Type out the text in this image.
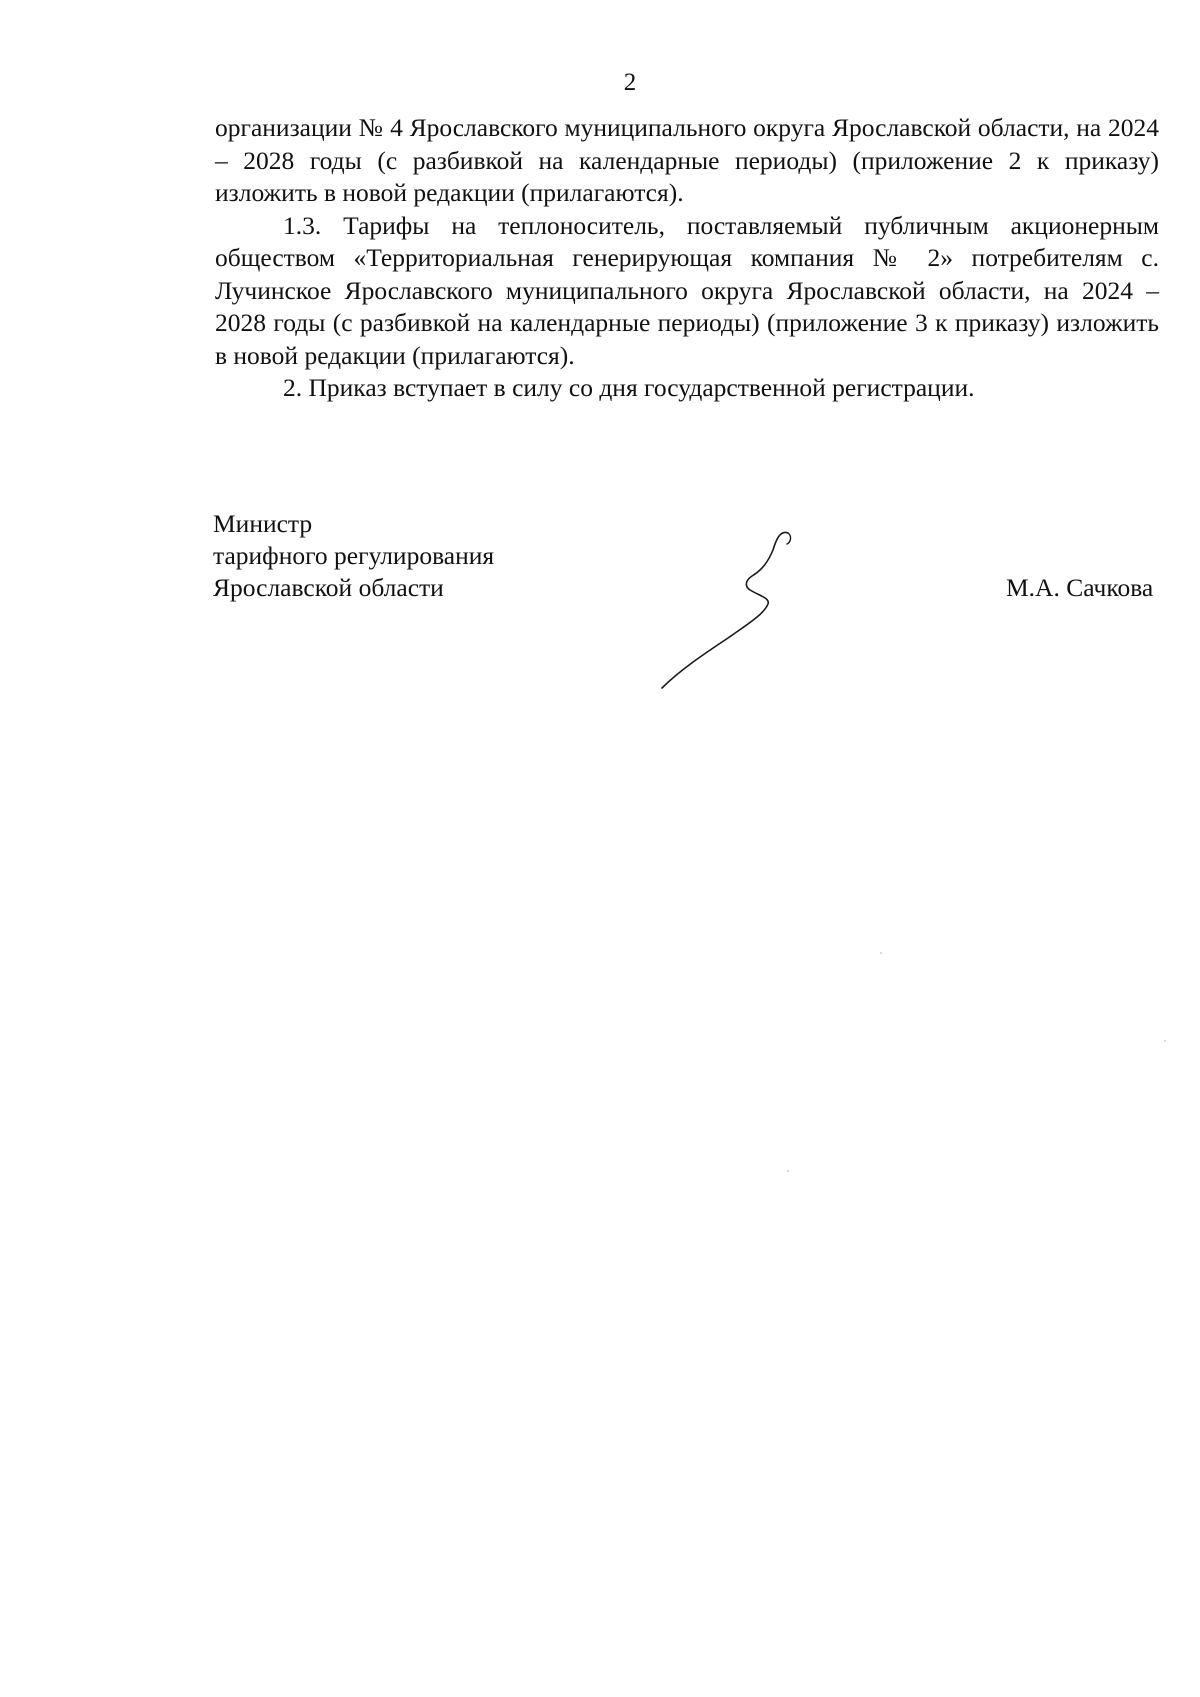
2

организации № 4 Ярославского муниципального округа Ярославской области, на 2024 – 2028 годы (с разбивкой на календарные периоды) (приложение 2 к приказу) изложить в новой редакции (прилагаются).

1.3. Тарифы на теплоноситель, поставляемый публичным акционерным обществом «Территориальная генерирующая компания № 2» потребителям с. Лучинское Ярославского муниципального округа Ярославской области, на 2024 – 2028 годы (с разбивкой на календарные периоды) (приложение 3 к приказу) изложить в новой редакции (прилагаются).

2. Приказ вступает в силу со дня государственной регистрации.

Министр
тарифного регулирования
Ярославской области	М.А. Сачкова
